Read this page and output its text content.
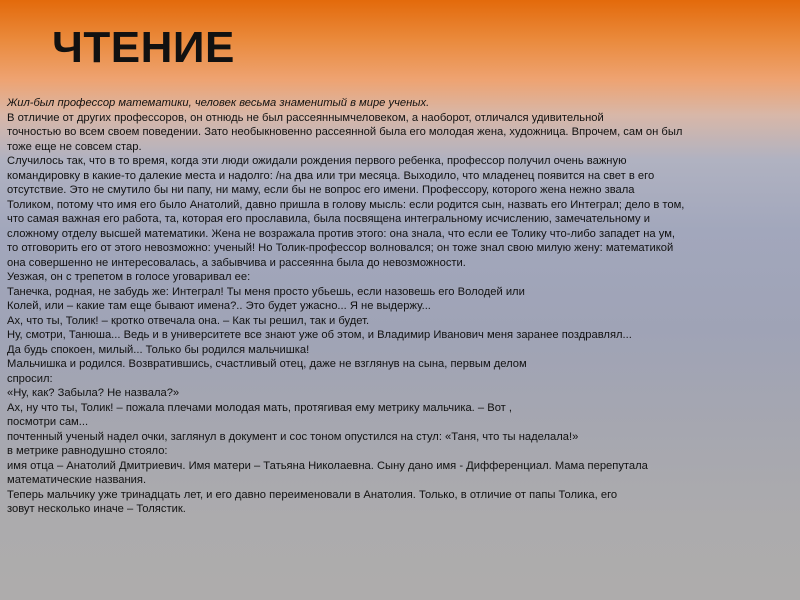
ЧТЕНИЕ

Жил-был профессор математики, человек весьма знаменитый в мире ученых.

В отличие от других профессоров, он отнюдь не был рассеяннымчеловеком, а наоборот, отличался удивительной

точностью во всем своем поведении. Зато необыкновенно рассеянной была его молодая жена, художница. Впрочем, сам он был

тоже еще не совсем стар.

Случилось так, что в то время, когда эти люди ожидали рождения первого ребенка, профессор получил очень важную

командировку в какие-то далекие места и надолго: /на два или три месяца. Выходило, что младенец появится на свет в его

отсутствие. Это не смутило бы ни папу, ни маму, если бы не вопрос его имени. Профессору, которого жена нежно звала

Толиком, потому что имя его было Анатолий, давно пришла в голову мысль: если родится сын, назвать его Интеграл; дело в том,

что самая важная его работа, та, которая его прославила, была посвящена интегральному исчислению, замечательному и

сложному отделу высшей математики. Жена не возражала против этого: она знала, что если ее Толику что-либо западет на ум,

то отговорить его от этого невозможно: ученый! Но Толик-профессор волновался; он тоже знал свою милую жену: математикой

она совершенно не интересовалась, а забывчива и рассеянна была до невозможности.

Уезжая, он с трепетом в голосе уговаривал ее:

Танечка, родная, не забудь же: Интеграл! Ты меня просто убьешь, если назовешь его Володей или

Колей, или – какие там еще бывают имена?.. Это будет ужасно... Я не выдержу...

Ах, что ты, Толик! – кротко отвечала она. – Как ты решил, так и будет.

Ну, смотри, Танюша... Ведь и в университете все знают уже об этом, и Владимир Иванович меня заранее поздравлял...

Да будь спокоен, милый... Только бы родился мальчишка!

Мальчишка и родился. Возвратившись, счастливый отец, даже не взглянув на сына, первым делом

спросил:

«Ну, как? Забыла? Не назвала?»

Ах, ну что ты, Толик! – пожала плечами молодая мать, протягивая ему метрику мальчика. – Вот ,

посмотри сам...

почтенный ученый надел очки, заглянул в документ и сос тоном опустился на стул: «Таня, что ты наделала!»

в метрике равнодушно стояло:

имя отца – Анатолий Дмитриевич. Имя матери – Татьяна Николаевна. Сыну дано имя - Дифференциал. Мама перепутала

математические названия.

Теперь мальчику уже тринадцать лет, и его давно переименовали в Анатолия. Только, в отличие от папы Толика, его

зовут несколько иначе – Толястик.
